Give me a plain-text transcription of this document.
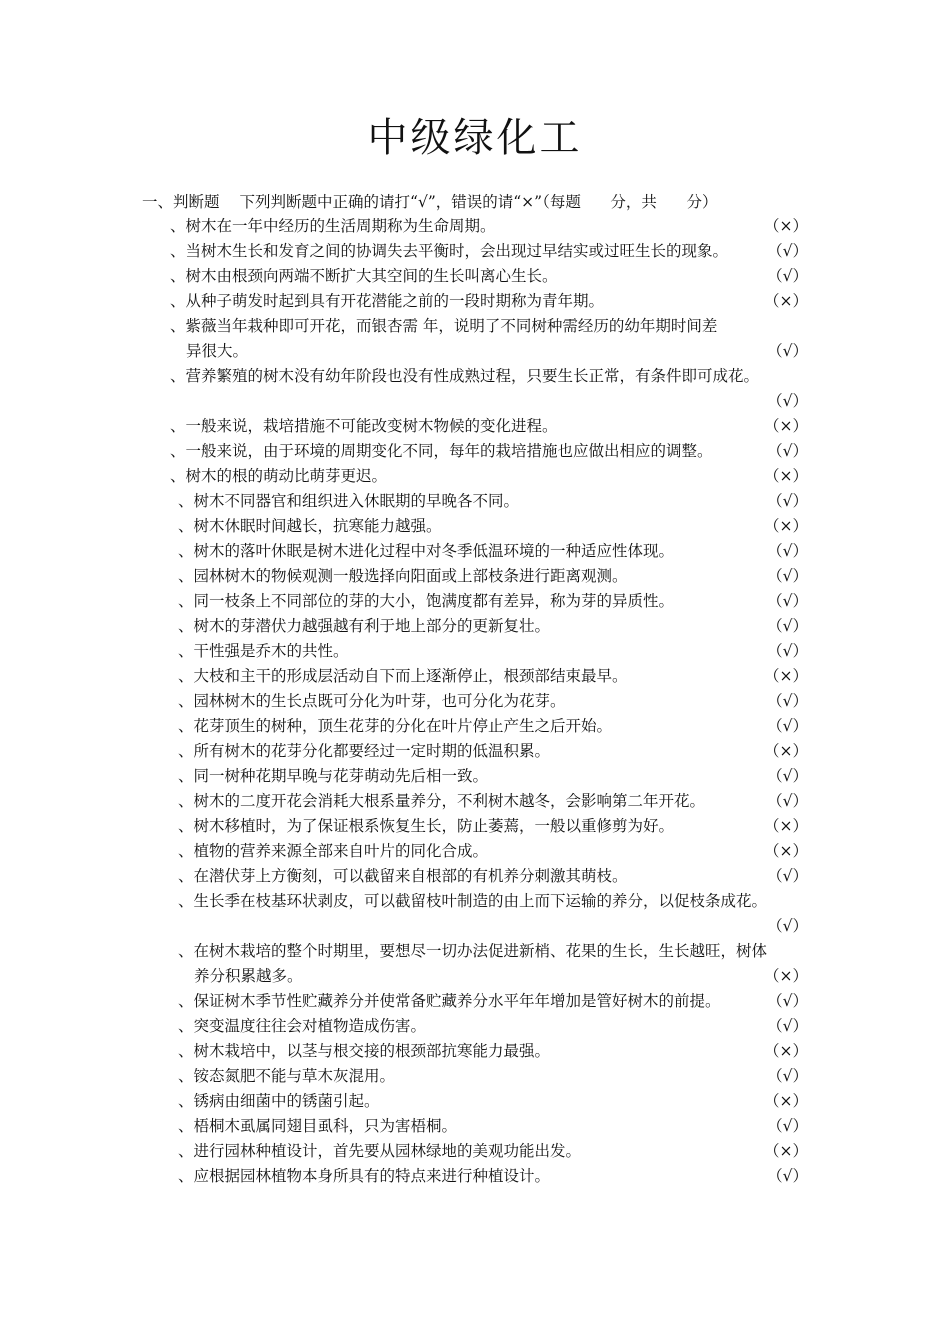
中级绿化工
一、判断题 下列判断题中正确的请打“√”，错误的请“×”（每题      分，共      分）
、树木在一年中经历的生活周期称为生命周期。	（×）
、当树木生长和发育之间的协调失去平衡时，会出现过早结实或过旺生长的现象。	（√）
、树木由根颈向两端不断扩大其空间的生长叫离心生长。	（√）
、从种子萌发时起到具有开花潜能之前的一段时期称为青年期。	（×）
、紫薇当年栽种即可开花，而银杏需 年，说明了不同树种需经历的幼年期时间差
异很大。	（√）
、营养繁殖的树木没有幼年阶段也没有性成熟过程，只要生长正常，有条件即可成花。
（√）
、一般来说，栽培措施不可能改变树木物候的变化进程。	（×）
、一般来说，由于环境的周期变化不同，每年的栽培措施也应做出相应的调整。	（√）
、树木的根的萌动比萌芽更迟。	（×）
、树木不同器官和组织进入休眠期的早晚各不同。	（√）
、树木休眠时间越长，抗寒能力越强。	（×）
、树木的落叶休眠是树木进化过程中对冬季低温环境的一种适应性体现。	（√）
、园林树木的物候观测一般选择向阳面或上部枝条进行距离观测。	（√）
、同一枝条上不同部位的芽的大小，饱满度都有差异，称为芽的异质性。	（√）
、树木的芽潜伏力越强越有利于地上部分的更新复壮。	（√）
、干性强是乔木的共性。	（√）
、大枝和主干的形成层活动自下而上逐渐停止，根颈部结束最早。	（×）
、园林树木的生长点既可分化为叶芽，也可分化为花芽。	（√）
、花芽顶生的树种，顶生花芽的分化在叶片停止产生之后开始。	（√）
、所有树木的花芽分化都要经过一定时期的低温积累。	（×）
、同一树种花期早晚与花芽萌动先后相一致。	（√）
、树木的二度开花会消耗大根系量养分，不利树木越冬，会影响第二年开花。	（√）
、树木移植时，为了保证根系恢复生长，防止萎蔫，一般以重修剪为好。	（×）
、植物的营养来源全部来自叶片的同化合成。	（×）
、在潜伏芽上方衡刻，可以截留来自根部的有机养分刺激其萌枝。	（√）
、生长季在枝基环状剥皮，可以截留枝叶制造的由上而下运输的养分，以促枝条成花。
（√）
、在树木栽培的整个时期里，要想尽一切办法促进新梢、花果的生长，生长越旺，树体
养分积累越多。	（×）
、保证树木季节性贮藏养分并使常备贮藏养分水平年年增加是管好树木的前提。	（√）
、突变温度往往会对植物造成伤害。	（√）
、树木栽培中，以茎与根交接的根颈部抗寒能力最强。	（×）
、铵态氮肥不能与草木灰混用。	（√）
、锈病由细菌中的锈菌引起。	（×）
、梧桐木虱属同翅目虱科，只为害梧桐。	（√）
、进行园林种植设计，首先要从园林绿地的美观功能出发。	（×）
、应根据园林植物本身所具有的特点来进行种植设计。	（√）
